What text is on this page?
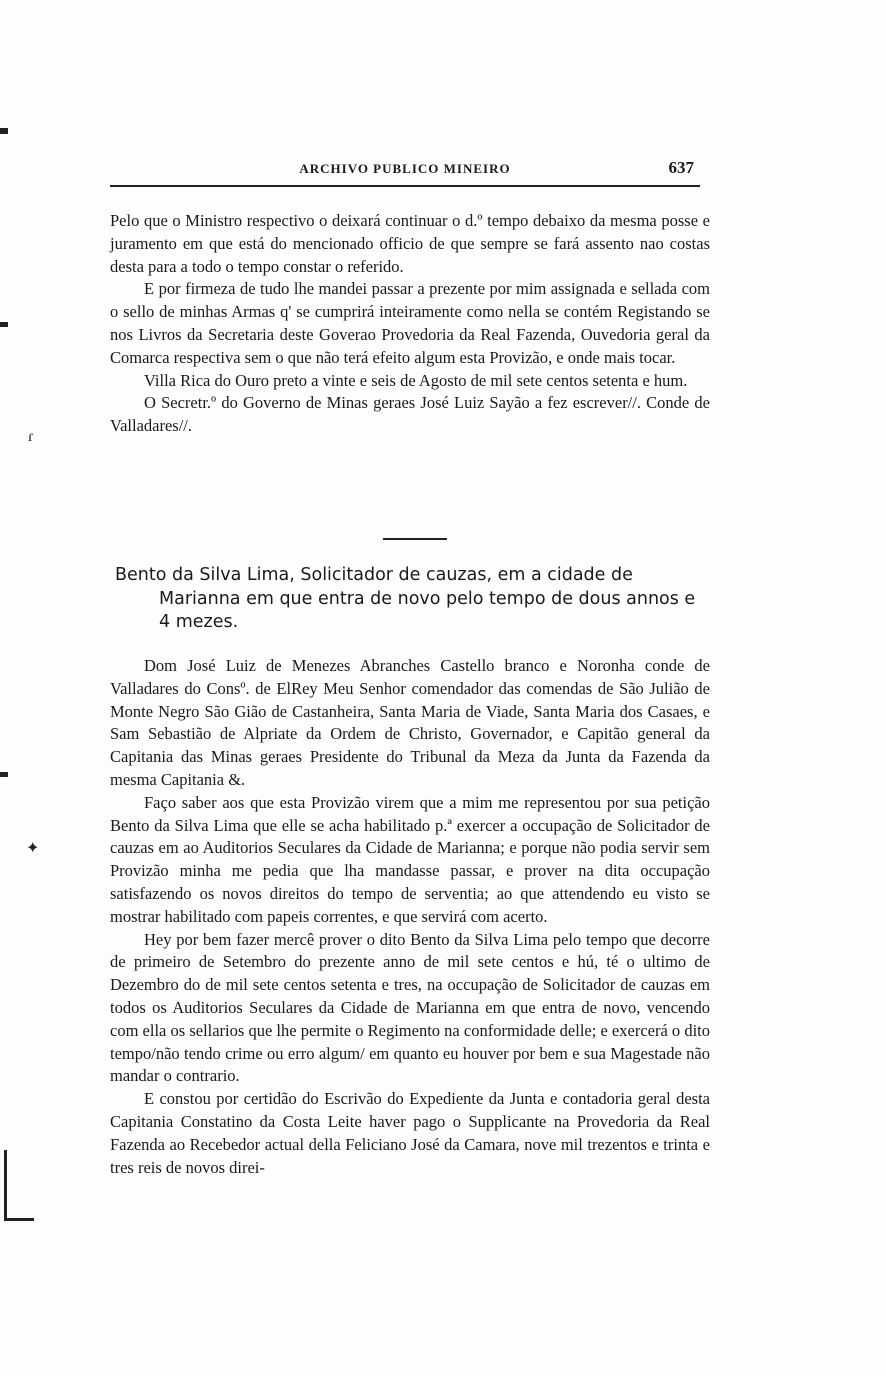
ARCHIVO PUBLICO MINEIRO	637

Pelo que o Ministro respectivo o deixará continuar o d.º tempo debaixo da mesma posse e juramento em que está do mencionado officio de que sempre se fará assento nao costas desta para a todo o tempo constar o referido.

E por firmeza de tudo lhe mandei passar a prezente por mim assignada e sellada com o sello de minhas Armas q' se cumprirá inteiramente como nella se contém Registando se nos Livros da Secretaria deste Goverao Provedoria da Real Fazenda, Ouvedoria geral da Comarca respectiva sem o que não terá efeito algum esta Provizão, e onde mais tocar.

Villa Rica do Ouro preto a vinte e seis de Agosto de mil sete centos setenta e hum.

O Secretr.º do Governo de Minas geraes José Luiz Sayão a fez escrever//. Conde de Valladares//.

Bento da Silva Lima, Solicitador de cauzas, em a cidade de Marianna em que entra de novo pelo tempo de dous annos e 4 mezes.

Dom José Luiz de Menezes Abranches Castello branco e Noronha conde de Valladares do Consº. de ElRey Meu Senhor comendador das comendas de São Julião de Monte Negro São Gião de Castanheira, Santa Maria de Viade, Santa Maria dos Casaes, e Sam Sebastião de Alpriate da Ordem de Christo, Governador, e Capitão general da Capitania das Minas geraes Presidente do Tribunal da Meza da Junta da Fazenda da mesma Capitania &.

Faço saber aos que esta Provizão virem que a mim me representou por sua petição Bento da Silva Lima que elle se acha habilitado p.ª exercer a occupação de Solicitador de cauzas em ao Auditorios Seculares da Cidade de Marianna; e porque não podia servir sem Provizão minha me pedia que lha mandasse passar, e prover na dita occupação satisfazendo os novos direitos do tempo de serventia; ao que attendendo eu visto se mostrar habilitado com papeis correntes, e que servirá com acerto.

Hey por bem fazer mercê prover o dito Bento da Silva Lima pelo tempo que decorre de primeiro de Setembro do prezente anno de mil sete centos e hú, té o ultimo de Dezembro do de mil sete centos setenta e tres, na occupação de Solicitador de cauzas em todos os Auditorios Seculares da Cidade de Marianna em que entra de novo, vencendo com ella os sellarios que lhe permite o Regimento na conformidade delle; e exercerá o dito tempo/não tendo crime ou erro algum/ em quanto eu houver por bem e sua Magestade não mandar o contrario.

E constou por certidão do Escrivão do Expediente da Junta e contadoria geral desta Capitania Constatino da Costa Leite haver pago o Supplicante na Provedoria da Real Fazenda ao Recebedor actual della Feliciano José da Camara, nove mil trezentos e trinta e tres reis de novos direi-

ɾ
✦
